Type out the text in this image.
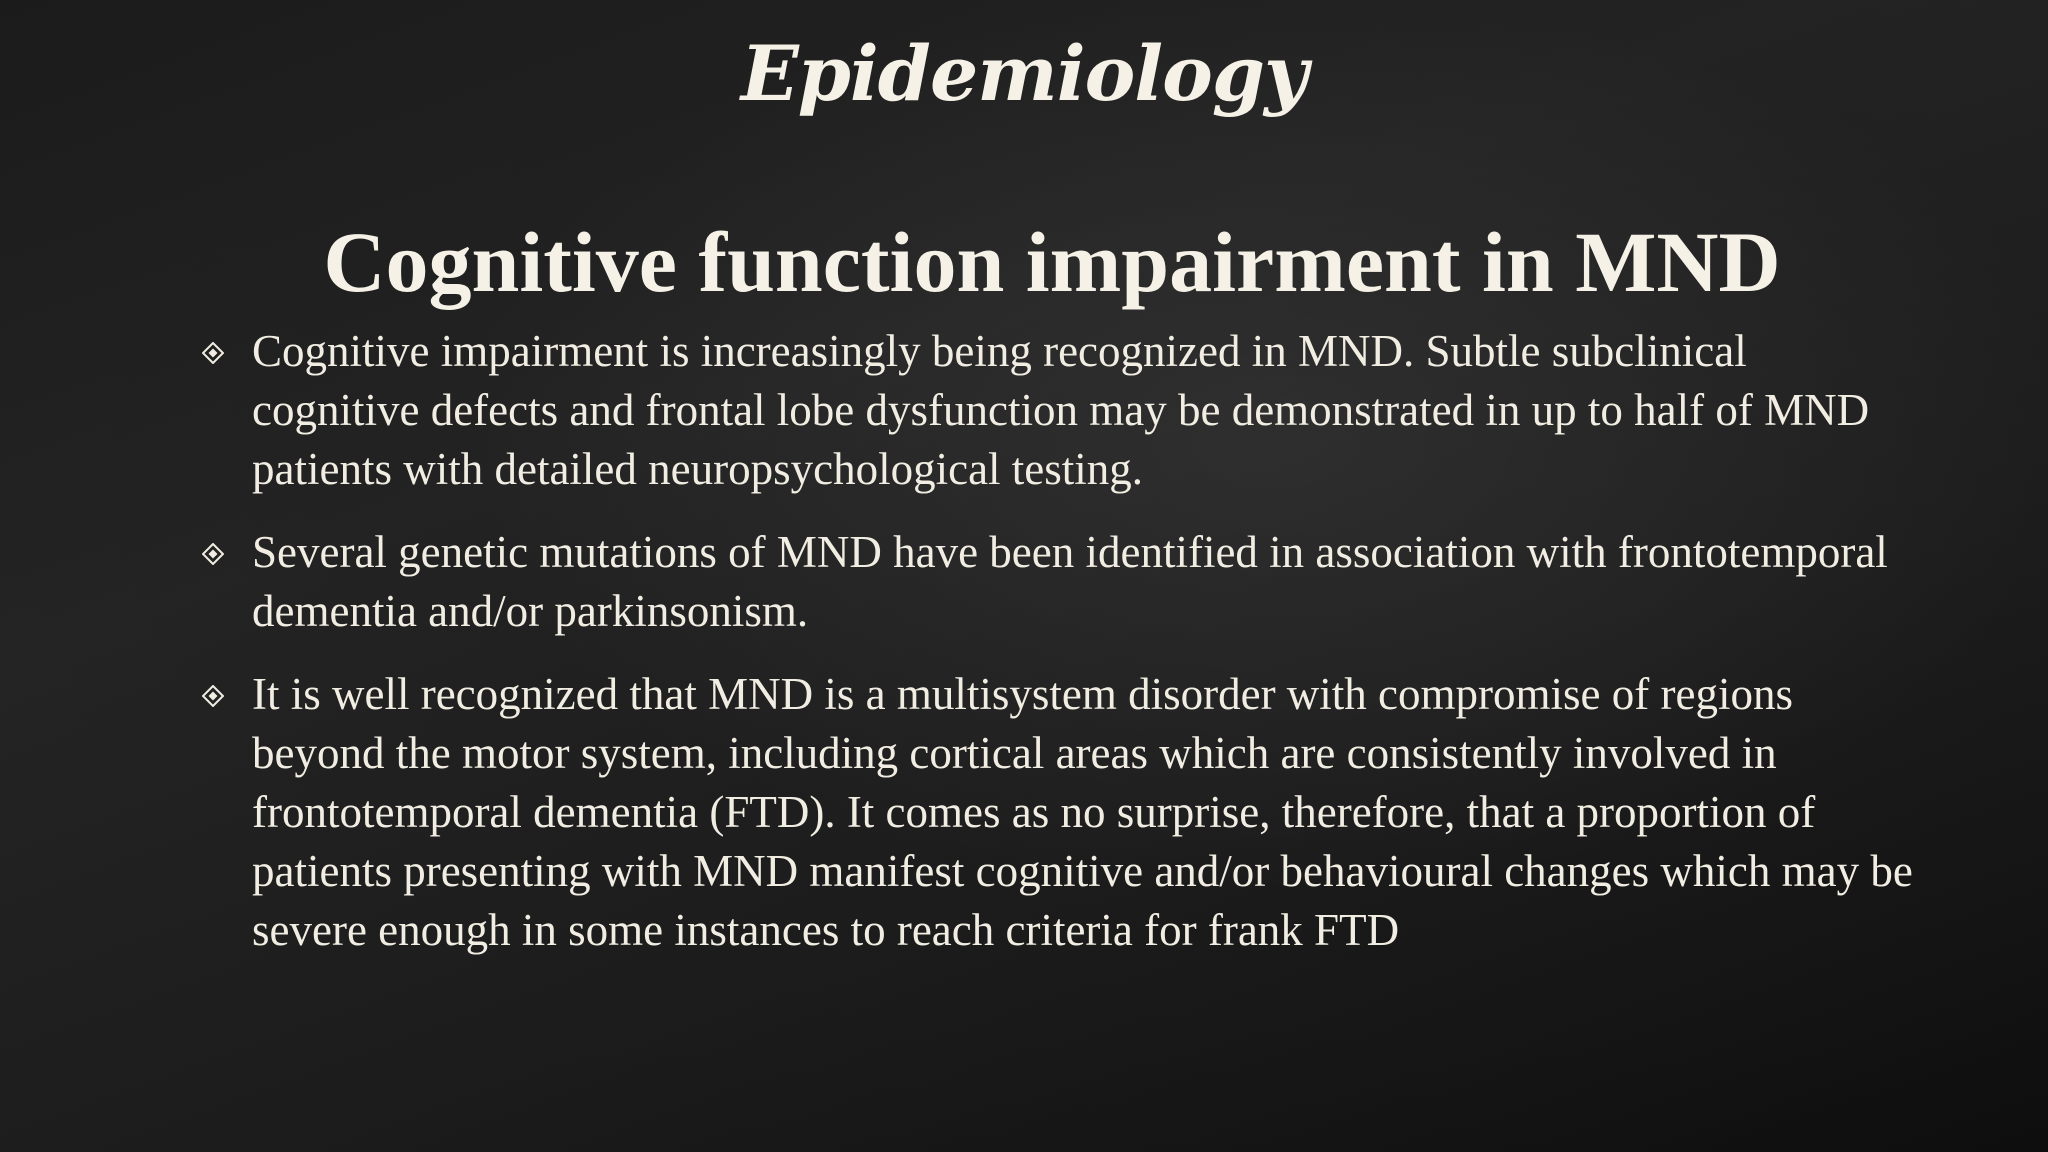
Epidemiology
Cognitive function impairment in MND
Cognitive impairment is increasingly being recognized in MND. Subtle subclinical cognitive defects and frontal lobe dysfunction may be demonstrated in up to half of MND patients with detailed neuropsychological testing.
Several genetic mutations of MND have been identified in association with frontotemporal dementia and/or parkinsonism.
It is well recognized that MND is a multisystem disorder with compromise of regions beyond the motor system, including cortical areas which are consistently involved in frontotemporal dementia (FTD). It comes as no surprise, therefore, that a proportion of patients presenting with MND manifest cognitive and/or behavioural changes which may be severe enough in some instances to reach criteria for frank FTD
